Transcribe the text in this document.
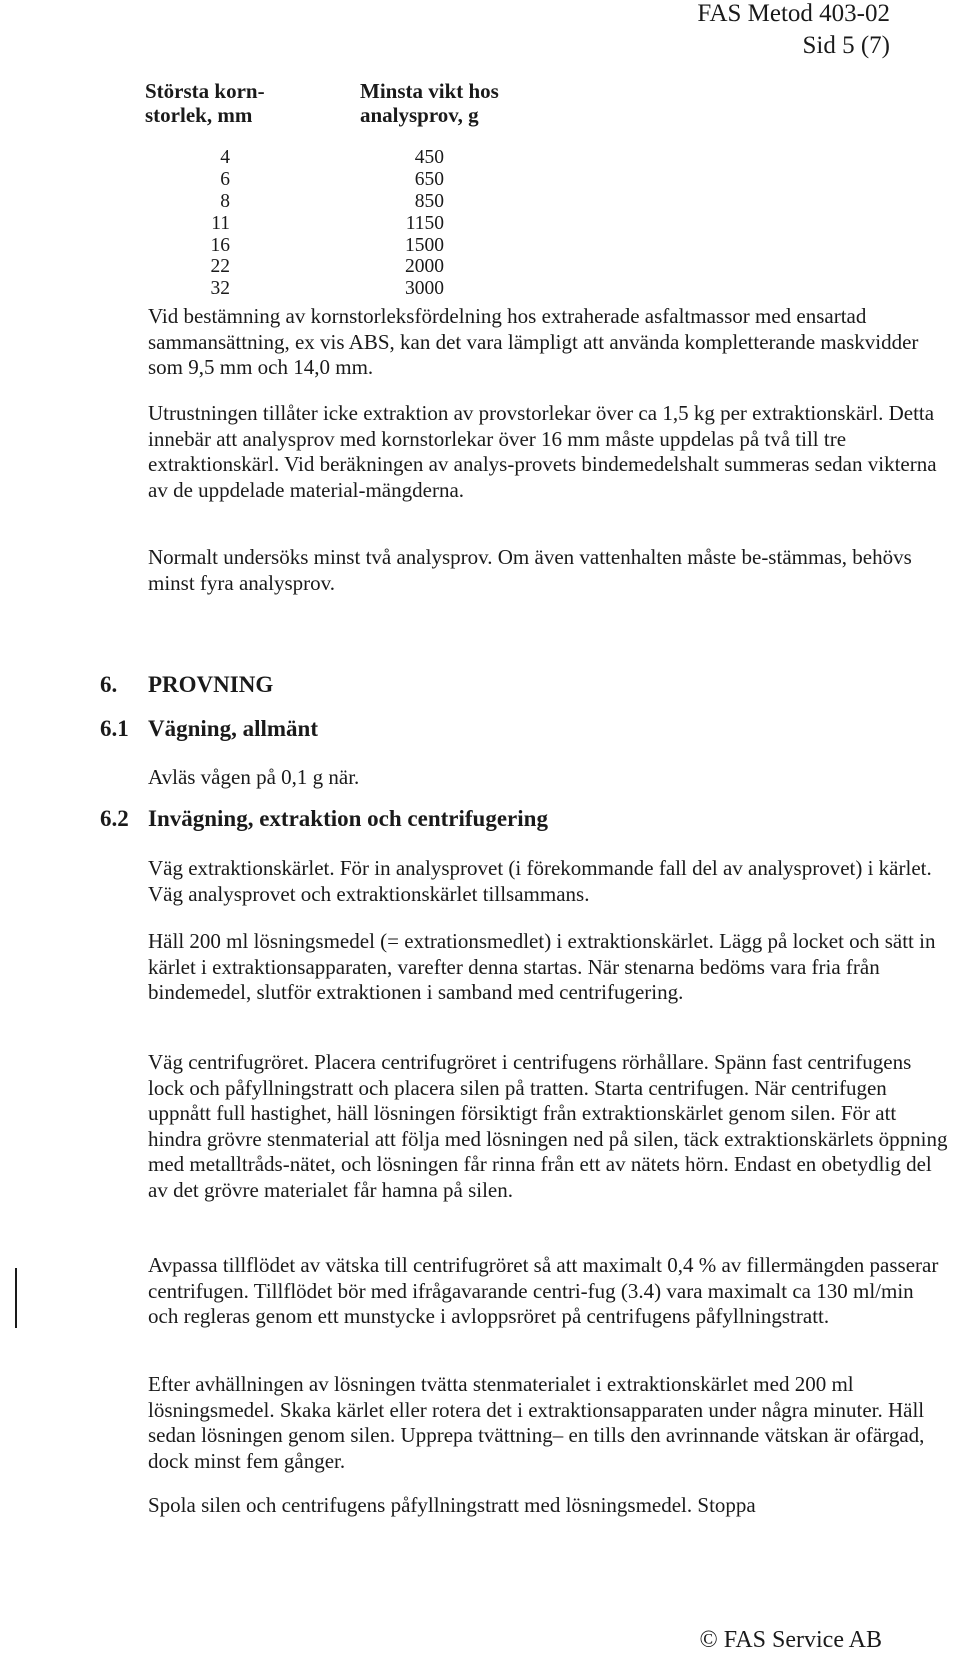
FAS Metod 403-02
Sid 5 (7)
Största korn-
storlek, mm
Minsta vikt hos
analysprov, g
4
6
8
11
16
22
32
450
650
850
1150
1500
2000
3000
Vid bestämning av kornstorleksfördelning hos extraherade asfaltmassor med ensartad sammansättning, ex vis ABS, kan det vara lämpligt att använda kompletterande maskvidder som 9,5 mm och 14,0 mm.
Utrustningen tillåter icke extraktion av provstorlekar över ca 1,5 kg per extraktionskärl. Detta innebär att analysprov med kornstorlekar över 16 mm måste uppdelas på två till tre extraktionskärl. Vid beräkningen av analys-provets bindemedelshalt summeras sedan vikterna av de uppdelade material-mängderna.
Normalt undersöks minst två analysprov. Om även vattenhalten måste be-stämmas, behövs minst fyra analysprov.
6. PROVNING
6.1 Vägning, allmänt
Avläs vågen på 0,1 g när.
6.2 Invägning, extraktion och centrifugering
Väg extraktionskärlet. För in analysprovet (i förekommande fall del av analysprovet) i kärlet. Väg analysprovet och extraktionskärlet tillsammans.
Häll 200 ml lösningsmedel (= extrationsmedlet) i extraktionskärlet. Lägg på locket och sätt in kärlet i extraktionsapparaten, varefter denna startas. När stenarna bedöms vara fria från bindemedel, slutför extraktionen i samband med centrifugering.
Väg centrifugröret. Placera centrifugröret i centrifugens rörhållare. Spänn fast centrifugens lock och påfyllningstratt och placera silen på tratten. Starta centrifugen. När centrifugen uppnått full hastighet, häll lösningen försiktigt från extraktionskärlet genom silen. För att hindra grövre stenmaterial att följa med lösningen ned på silen, täck extraktionskärlets öppning med metalltråds-nätet, och lösningen får rinna från ett av nätets hörn. Endast en obetydlig del av det grövre materialet får hamna på silen.
Avpassa tillflödet av vätska till centrifugröret så att maximalt 0,4 % av fillermängden passerar centrifugen. Tillflödet bör med ifrågavarande centri-fug (3.4) vara maximalt ca 130 ml/min och regleras genom ett munstycke i avloppsröret på centrifugens påfyllningstratt.
Efter avhällningen av lösningen tvätta stenmaterialet i extraktionskärlet med 200 ml lösningsmedel. Skaka kärlet eller rotera det i extraktionsapparaten under några minuter. Häll sedan lösningen genom silen. Upprepa tvättning– en tills den avrinnande vätskan är ofärgad, dock minst fem gånger.
Spola silen och centrifugens påfyllningstratt med lösningsmedel. Stoppa
© FAS Service AB
